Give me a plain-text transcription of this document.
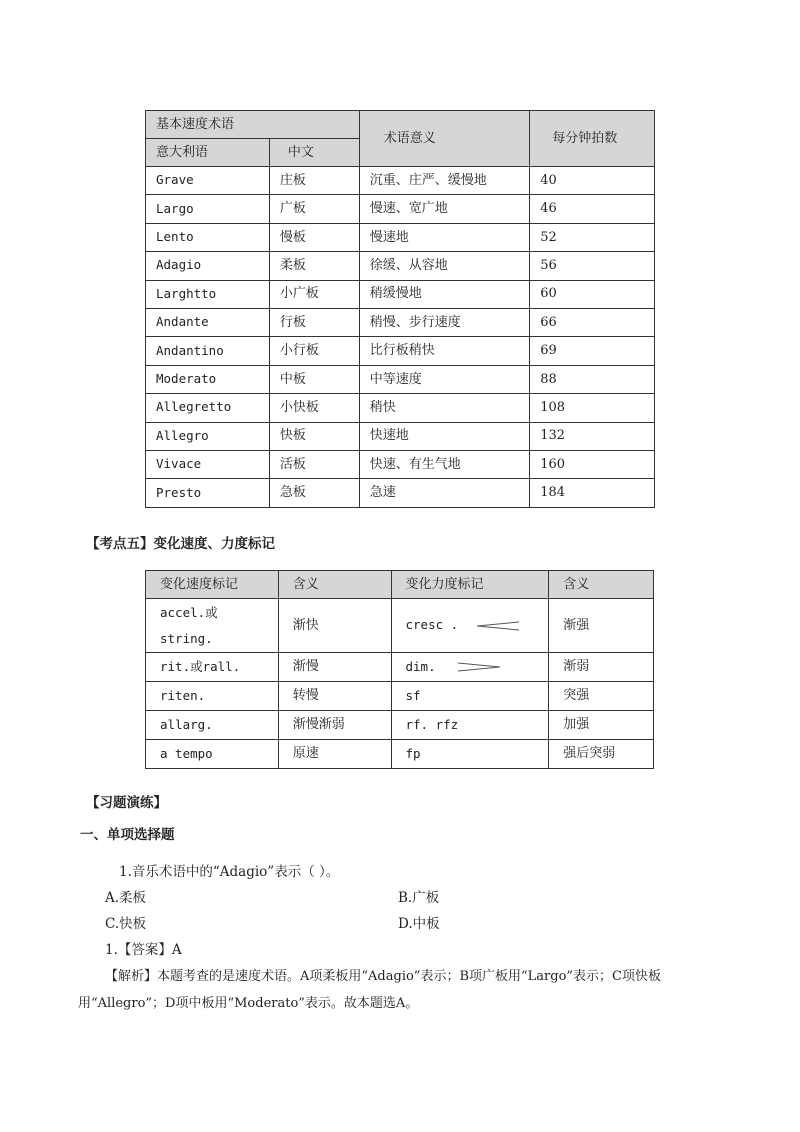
基本速度术语		术语意义	每分钟拍数
意大利语	中文		
Grave	庄板	沉重、庄严、缓慢地	40
Largo	广板	慢速、宽广地	46
Lento	慢板	慢速地	52
Adagio	柔板	徐缓、从容地	56
Larghtto	小广板	稍缓慢地	60
Andante	行板	稍慢、步行速度	66
Andantino	小行板	比行板稍快	69
Moderato	中板	中等速度	88
Allegretto	小快板	稍快	108
Allegro	快板	快速地	132
Vivace	活板	快速、有生气地	160
Presto	急板	急速	184
【考点五】变化速度、力度标记
变化速度标记	含义	变化力度标记	含义
accel.或
string.	渐快	cresc .	渐强
rit.或rall.	渐慢	dim.	渐弱
riten.	转慢	sf	突强
allarg.	渐慢渐弱	rf. rfz	加强
a tempo	原速	fp	强后突弱
【习题演练】
一、单项选择题
1.音乐术语中的“Adagio”表示（ ）。
A.柔板	B.广板
C.快板	D.中板
1.【答案】A
【解析】本题考查的是速度术语。A项柔板用“Adagio”表示；B项广板用“Largo”表示；C项快板
用“Allegro”；D项中板用“Moderato”表示。故本题选A。
